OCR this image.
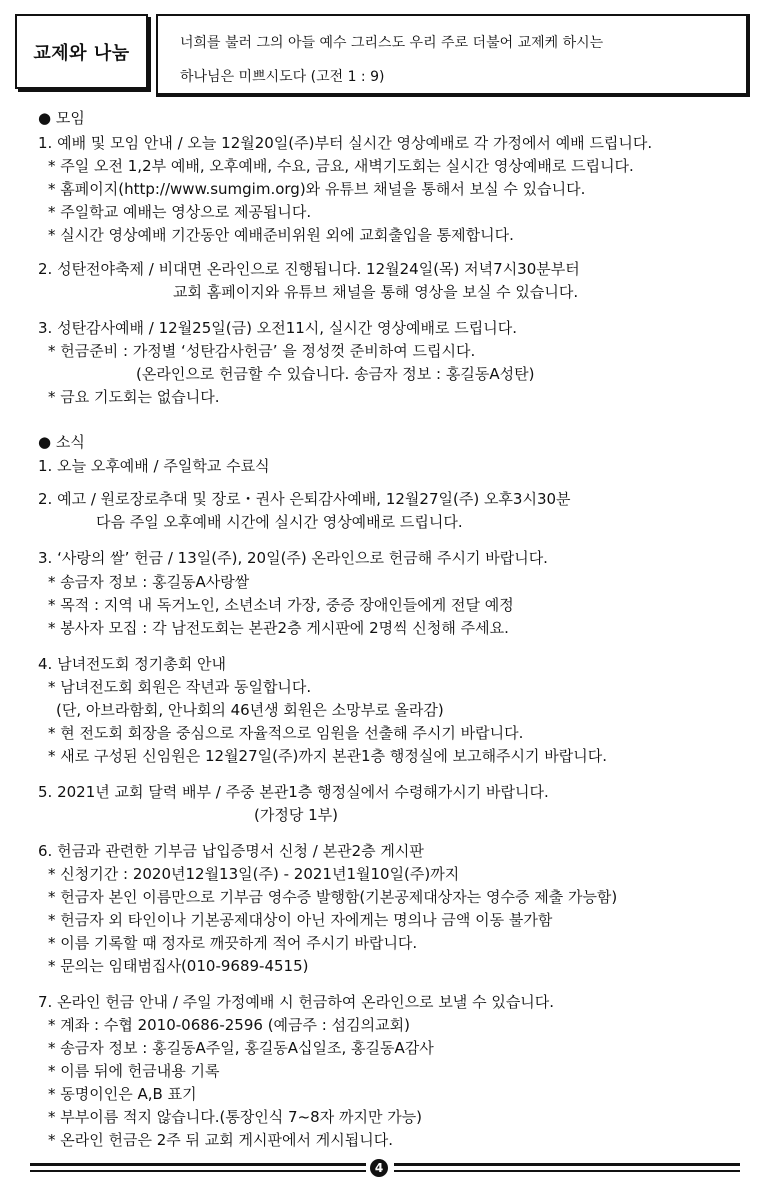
교제와 나눔	너희를 불러 그의 아들 예수 그리스도 우리 주로 더불어 교제케 하시는
하나님은 미쁘시도다 (고전 1 : 9)
● 모임
1. 예배 및 모임 안내 / 오늘 12월20일(주)부터 실시간 영상예배로 각 가정에서 예배 드립니다.
* 주일 오전 1,2부 예배, 오후예배, 수요, 금요, 새벽기도회는 실시간 영상예배로 드립니다.
* 홈페이지(http://www.sumgim.org)와 유튜브 채널을 통해서 보실 수 있습니다.
* 주일학교 예배는 영상으로 제공됩니다.
* 실시간 영상예배 기간동안 예배준비위원 외에 교회출입을 통제합니다.
2. 성탄전야축제 / 비대면 온라인으로 진행됩니다. 12월24일(목) 저녁7시30분부터
교회 홈페이지와 유튜브 채널을 통해 영상을 보실 수 있습니다.
3. 성탄감사예배 / 12월25일(금) 오전11시, 실시간 영상예배로 드립니다.
* 헌금준비 : 가정별 ‘성탄감사헌금’ 을 정성껏 준비하여 드립시다.
(온라인으로 헌금할 수 있습니다. 송금자 정보 : 홍길동A성탄)
* 금요 기도회는 없습니다.
● 소식
1. 오늘 오후예배 / 주일학교 수료식
2. 예고 / 원로장로추대 및 장로・권사 은퇴감사예배, 12월27일(주) 오후3시30분
다음 주일 오후예배 시간에 실시간 영상예배로 드립니다.
3. ‘사랑의 쌀’ 헌금 / 13일(주), 20일(주) 온라인으로 헌금해 주시기 바랍니다.
* 송금자 정보 : 홍길동A사랑쌀
* 목적 : 지역 내 독거노인, 소년소녀 가장, 중증 장애인들에게 전달 예정
* 봉사자 모집 : 각 남전도회는 본관2층 게시판에 2명씩 신청해 주세요.
4. 남녀전도회 정기총회 안내
* 남녀전도회 회원은 작년과 동일합니다.
(단, 아브라함회, 안나회의 46년생 회원은 소망부로 올라감)
* 현 전도회 회장을 중심으로 자율적으로 임원을 선출해 주시기 바랍니다.
* 새로 구성된 신임원은 12월27일(주)까지 본관1층 행정실에 보고해주시기 바랍니다.
5. 2021년 교회 달력 배부 / 주중 본관1층 행정실에서 수령해가시기 바랍니다.
(가정당 1부)
6. 헌금과 관련한 기부금 납입증명서 신청 / 본관2층 게시판
* 신청기간 : 2020년12월13일(주) - 2021년1월10일(주)까지
* 헌금자 본인 이름만으로 기부금 영수증 발행함(기본공제대상자는 영수증 제출 가능함)
* 헌금자 외 타인이나 기본공제대상이 아닌 자에게는 명의나 금액 이동 불가함
* 이름 기록할 때 정자로 깨끗하게 적어 주시기 바랍니다.
* 문의는 임태범집사(010-9689-4515)
7. 온라인 헌금 안내 / 주일 가정예배 시 헌금하여 온라인으로 보낼 수 있습니다.
* 계좌 : 수협 2010-0686-2596 (예금주 : 섬김의교회)
* 송금자 정보 : 홍길동A주일, 홍길동A십일조, 홍길동A감사
* 이름 뒤에 헌금내용 기록
* 동명이인은 A,B 표기
* 부부이름 적지 않습니다.(통장인식 7~8자 까지만 가능)
* 온라인 헌금은 2주 뒤 교회 게시판에서 게시됩니다.
4
